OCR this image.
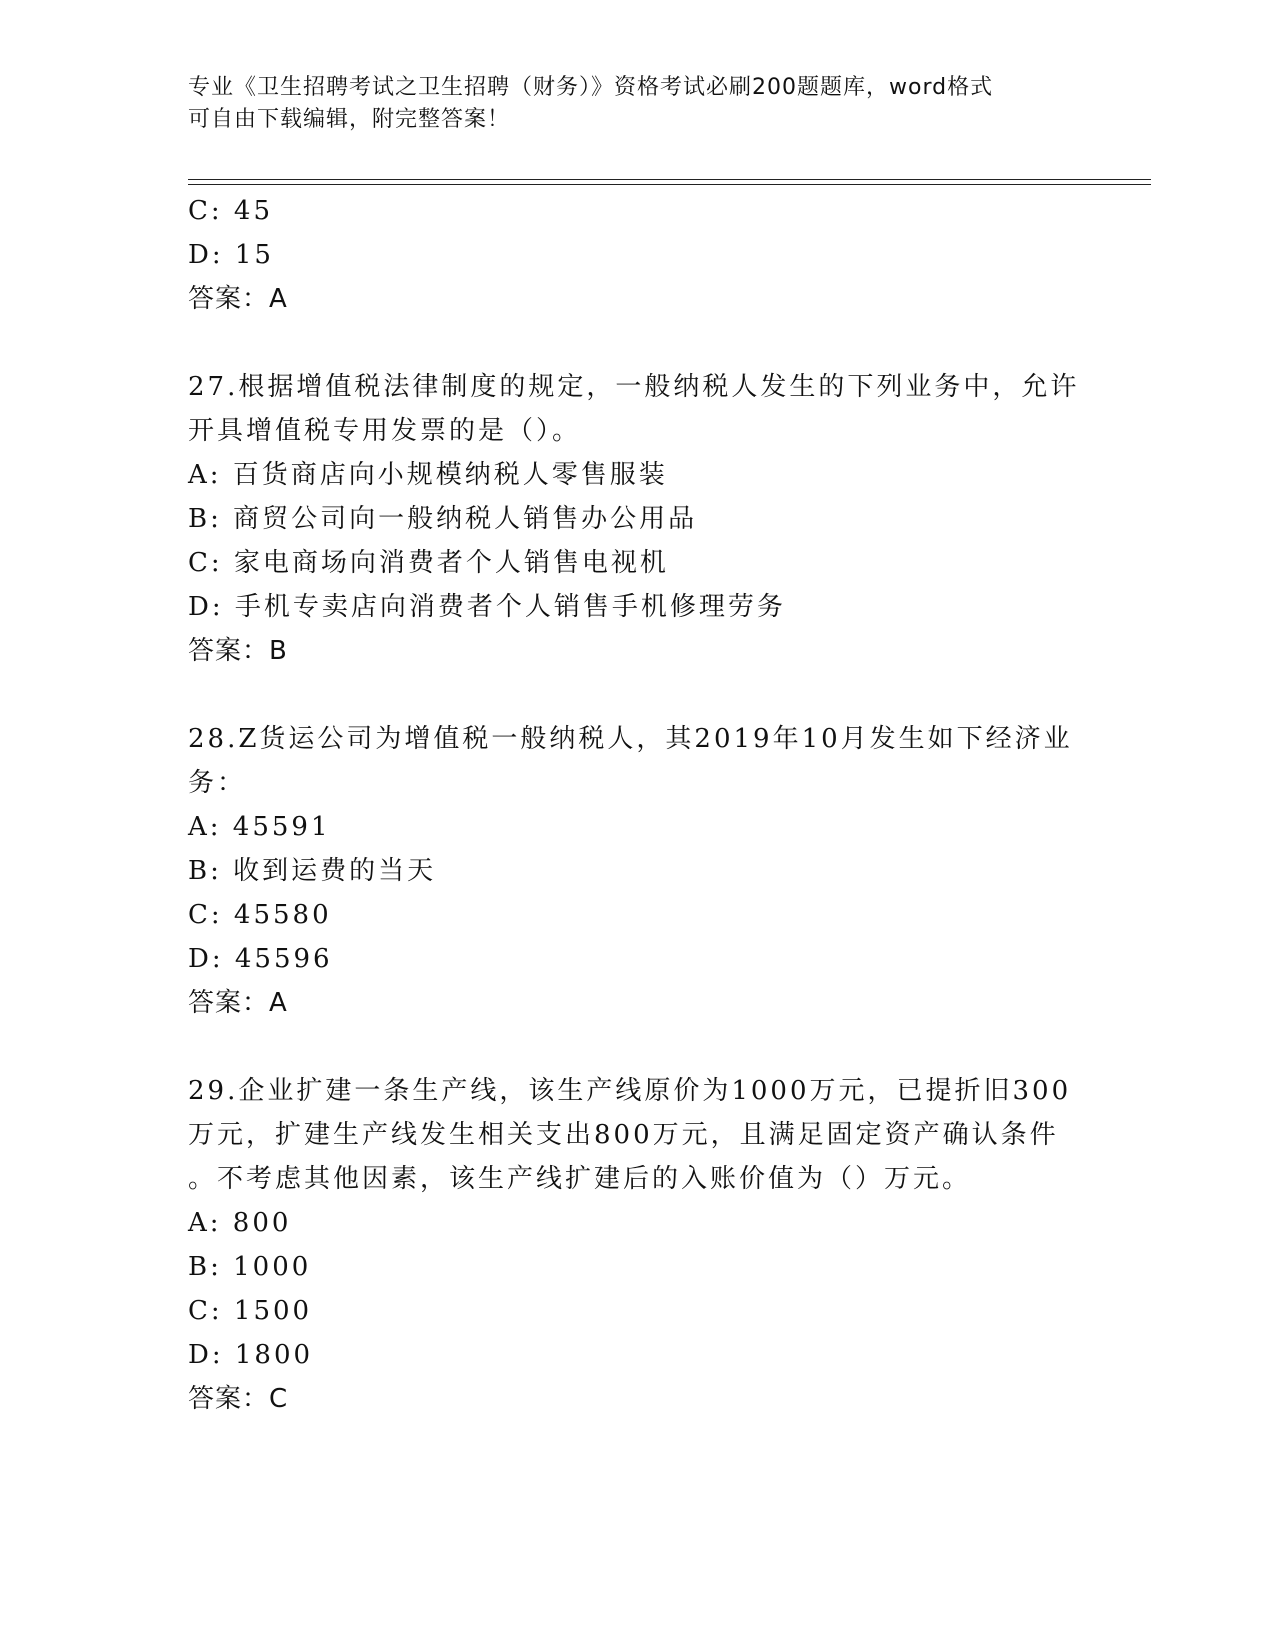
专业《卫生招聘考试之卫生招聘（财务）》资格考试必刷200题题库，word格式
可自由下载编辑，附完整答案！
C: 45
D: 15
答案：A
27.根据增值税法律制度的规定，一般纳税人发生的下列业务中，允许
开具增值税专用发票的是（）。
A: 百货商店向小规模纳税人零售服装
B: 商贸公司向一般纳税人销售办公用品
C: 家电商场向消费者个人销售电视机
D: 手机专卖店向消费者个人销售手机修理劳务
答案：B
28.Z货运公司为增值税一般纳税人，其2019年10月发生如下经济业
务：
A: 45591
B: 收到运费的当天
C: 45580
D: 45596
答案：A
29.企业扩建一条生产线，该生产线原价为1000万元，已提折旧300
万元，扩建生产线发生相关支出800万元，且满足固定资产确认条件
。不考虑其他因素，该生产线扩建后的入账价值为（）万元。
A: 800
B: 1000
C: 1500
D: 1800
答案：C
